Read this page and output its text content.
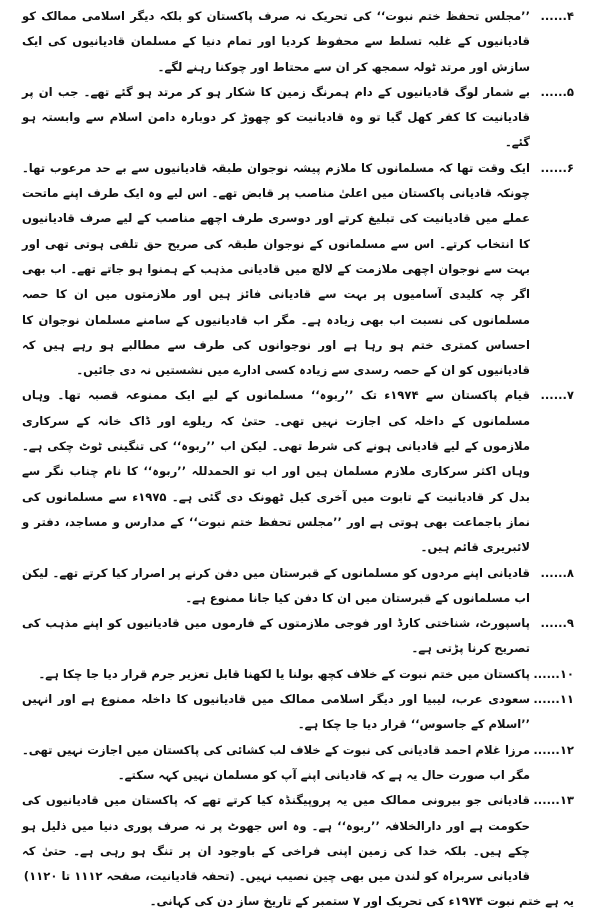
۴......
’’مجلس تحفظ ختم نبوت‘‘ کی تحریک نہ صرف پاکستان کو بلکہ دیگر اسلامی ممالک کو قادیانیوں کے غلبہ تسلط سے محفوظ کردیا اور تمام دنیا کے مسلمان قادیانیوں کی ایک سازش اور مرتد ٹولہ سمجھ کر ان سے محتاط اور چوکنا رہنے لگے۔
۵......
بے شمار لوگ قادیانیوں کے دام ہمرنگ زمین کا شکار ہو کر مرتد ہو گئے تھے۔ جب ان پر قادیانیت کا کفر کھل گیا تو وہ قادیانیت کو چھوڑ کر دوبارہ دامن اسلام سے وابستہ ہو گئے۔
۶......
ایک وقت تھا کہ مسلمانوں کا ملازم پیشہ نوجوان طبقہ قادیانیوں سے بے حد مرعوب تھا۔ چونکہ قادیانی پاکستان میں اعلیٰ مناصب پر قابض تھے۔ اس لیے وہ ایک طرف اپنے ماتحت عملے میں قادیانیت کی تبلیغ کرتے اور دوسری طرف اچھے مناصب کے لیے صرف قادیانیوں کا انتخاب کرتے۔ اس سے مسلمانوں کے نوجوان طبقہ کی صریح حق تلفی ہوتی تھی اور بہت سے نوجوان اچھی ملازمت کے لالچ میں قادیانی مذہب کے ہمنوا ہو جاتے تھے۔ اب بھی اگر چہ کلیدی آسامیوں پر بہت سے قادیانی فائز ہیں اور ملازمتوں میں ان کا حصہ مسلمانوں کی نسبت اب بھی زیادہ ہے۔ مگر اب قادیانیوں کے سامنے مسلمان نوجوان کا احساس کمتری ختم ہو رہا ہے اور نوجوانوں کی طرف سے مطالبے ہو رہے ہیں کہ قادیانیوں کو ان کے حصہ رسدی سے زیادہ کسی ادارے میں نشستیں نہ دی جائیں۔
۷......
قیام پاکستان سے ۱۹۷۴ء تک ’’ربوہ‘‘ مسلمانوں کے لیے ایک ممنوعہ قصبہ تھا۔ وہاں مسلمانوں کے داخلہ کی اجازت نہیں تھی۔ حتیٰ کہ ریلوے اور ڈاک خانہ کے سرکاری ملازموں کے لیے قادیانی ہونے کی شرط تھی۔ لیکن اب ’’ربوہ‘‘ کی تنگینی ٹوٹ چکی ہے۔ وہاں اکثر سرکاری ملازم مسلمان ہیں اور اب تو الحمدللہ ’’ربوہ‘‘ کا نام چناب نگر سے بدل کر قادیانیت کے تابوت میں آخری کیل ٹھونک دی گئی ہے۔ ۱۹۷۵ء سے مسلمانوں کی نماز باجماعت بھی ہوتی ہے اور ’’مجلس تحفظ ختم نبوت‘‘ کے مدارس و مساجد، دفتر و لائبریری قائم ہیں۔
۸......
قادیانی اپنے مردوں کو مسلمانوں کے قبرستان میں دفن کرنے پر اصرار کیا کرتے تھے۔ لیکن اب مسلمانوں کے قبرستان میں ان کا دفن کیا جانا ممنوع ہے۔
۹......
پاسپورٹ، شناختی کارڈ اور فوجی ملازمتوں کے فارموں میں قادیانیوں کو اپنے مذہب کی تصریح کرنا پڑتی ہے۔
۱۰......
پاکستان میں ختم نبوت کے خلاف کچھ بولنا یا لکھنا قابل تعزیر جرم قرار دیا جا چکا ہے۔
۱۱......
سعودی عرب، لیبیا اور دیگر اسلامی ممالک میں قادیانیوں کا داخلہ ممنوع ہے اور انہیں ’’اسلام کے جاسوس‘‘ قرار دیا جا چکا ہے۔
۱۲......
مرزا غلام احمد قادیانی کی نبوت کے خلاف لب کشائی کی پاکستان میں اجازت نہیں تھی۔ مگر اب صورت حال یہ ہے کہ قادیانی اپنے آپ کو مسلمان نہیں کہہ سکتے۔
۱۳......
قادیانی جو بیرونی ممالک میں یہ پروپیگنڈہ کیا کرتے تھے کہ پاکستان میں قادیانیوں کی حکومت ہے اور دارالخلافہ ’’ربوہ‘‘ ہے۔ وہ اس جھوٹ پر نہ صرف پوری دنیا میں ذلیل ہو چکے ہیں۔ بلکہ خدا کی زمین اپنی فراخی کے باوجود ان پر تنگ ہو رہی ہے۔ حتیٰ کہ قادیانی سربراہ کو لندن میں بھی چین نصیب نہیں۔ (تحفہ قادیانیت، صفحہ ۱۱۱۲ تا ۱۱۲۰)
یہ ہے ختم نبوت ۱۹۷۴ء کی تحریک اور ۷ ستمبر کے تاریخ ساز دن کی کہانی۔
